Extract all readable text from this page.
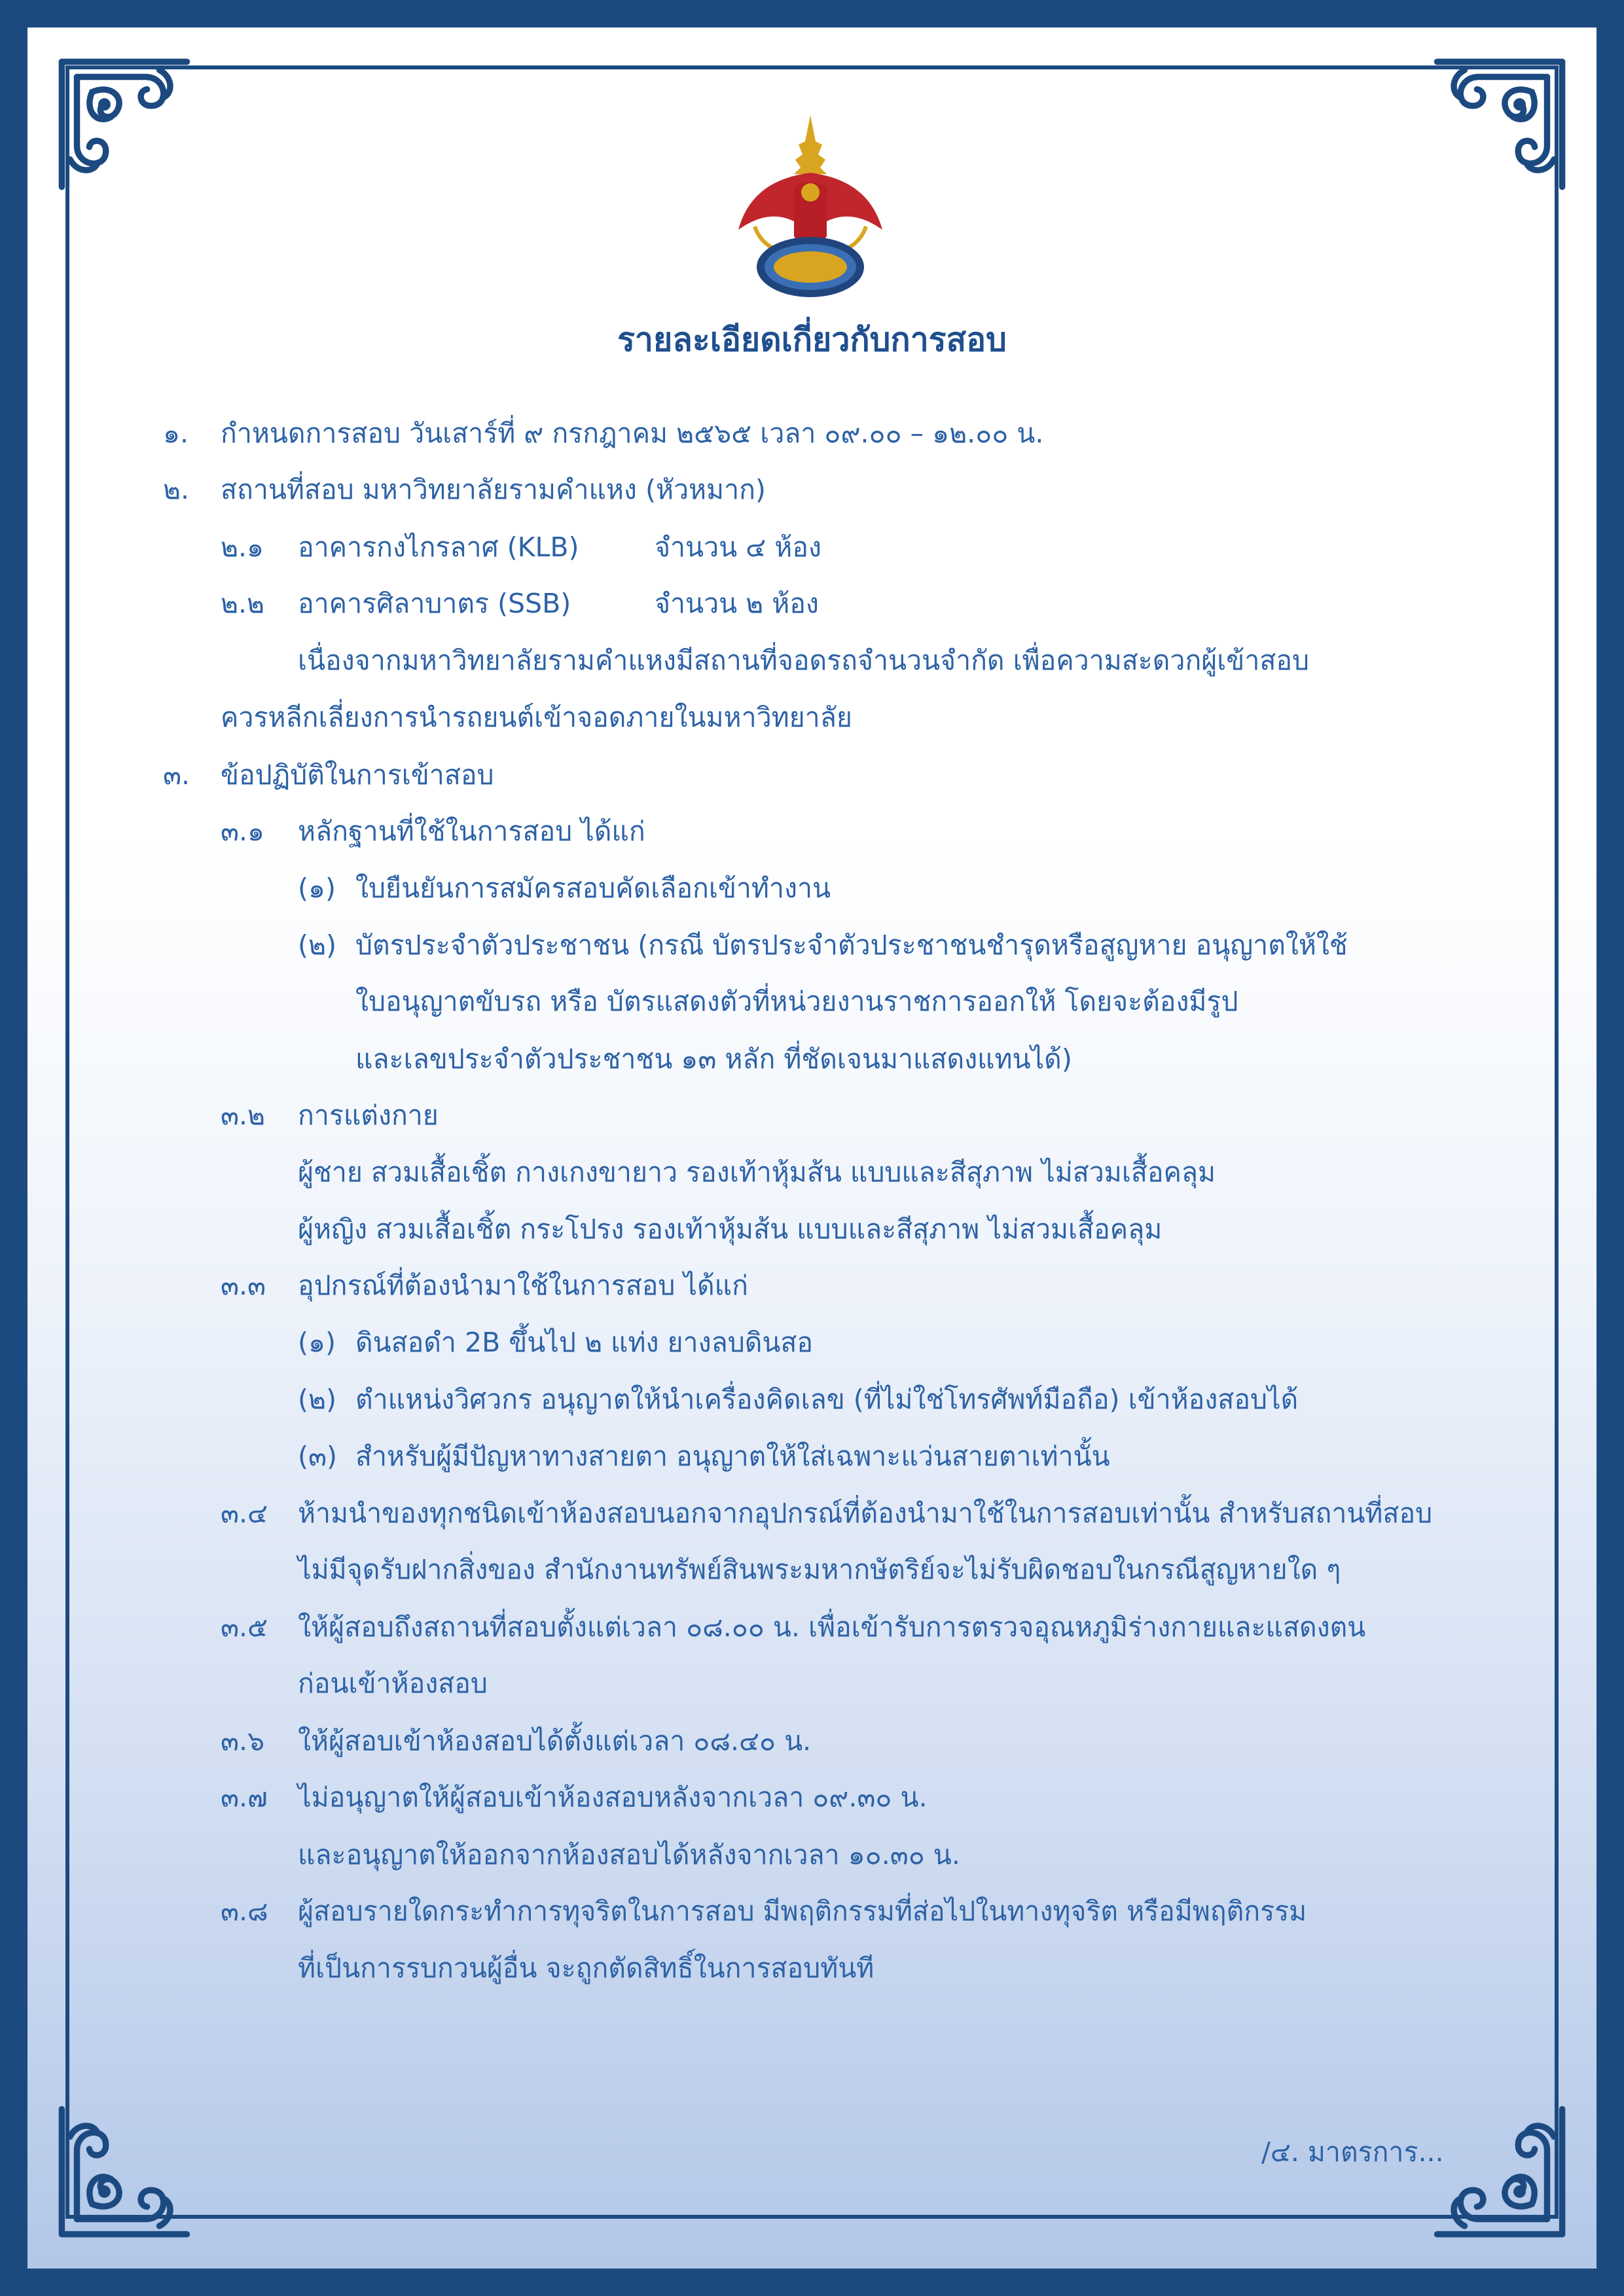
รายละเอียดเกี่ยวกับการสอบ
๑. กำหนดการสอบ วันเสาร์ที่ ๙ กรกฎาคม ๒๕๖๕ เวลา ๐๙.๐๐ – ๑๒.๐๐ น.
๒. สถานที่สอบ มหาวิทยาลัยรามคำแหง (หัวหมาก)
๒.๑ อาคารกงไกรลาศ (KLB)	จำนวน ๔ ห้อง
๒.๒ อาคารศิลาบาตร (SSB)	จำนวน ๒ ห้อง
เนื่องจากมหาวิทยาลัยรามคำแหงมีสถานที่จอดรถจำนวนจำกัด เพื่อความสะดวกผู้เข้าสอบ
ควรหลีกเลี่ยงการนำรถยนต์เข้าจอดภายในมหาวิทยาลัย
๓. ข้อปฏิบัติในการเข้าสอบ
๓.๑ หลักฐานที่ใช้ในการสอบ ได้แก่
(๑) ใบยืนยันการสมัครสอบคัดเลือกเข้าทำงาน
(๒) บัตรประจำตัวประชาชน (กรณี บัตรประจำตัวประชาชนชำรุดหรือสูญหาย อนุญาตให้ใช้
ใบอนุญาตขับรถ หรือ บัตรแสดงตัวที่หน่วยงานราชการออกให้ โดยจะต้องมีรูป
และเลขประจำตัวประชาชน ๑๓ หลัก ที่ชัดเจนมาแสดงแทนได้)
๓.๒ การแต่งกาย
ผู้ชาย สวมเสื้อเชิ้ต กางเกงขายาว รองเท้าหุ้มส้น แบบและสีสุภาพ ไม่สวมเสื้อคลุม
ผู้หญิง สวมเสื้อเชิ้ต กระโปรง รองเท้าหุ้มส้น แบบและสีสุภาพ ไม่สวมเสื้อคลุม
๓.๓ อุปกรณ์ที่ต้องนำมาใช้ในการสอบ ได้แก่
(๑) ดินสอดำ 2B ขึ้นไป ๒ แท่ง ยางลบดินสอ
(๒) ตำแหน่งวิศวกร อนุญาตให้นำเครื่องคิดเลข (ที่ไม่ใช่โทรศัพท์มือถือ) เข้าห้องสอบได้
(๓) สำหรับผู้มีปัญหาทางสายตา อนุญาตให้ใส่เฉพาะแว่นสายตาเท่านั้น
๓.๔ ห้ามนำของทุกชนิดเข้าห้องสอบนอกจากอุปกรณ์ที่ต้องนำมาใช้ในการสอบเท่านั้น สำหรับสถานที่สอบ
ไม่มีจุดรับฝากสิ่งของ สำนักงานทรัพย์สินพระมหากษัตริย์จะไม่รับผิดชอบในกรณีสูญหายใด ๆ
๓.๕ ให้ผู้สอบถึงสถานที่สอบตั้งแต่เวลา ๐๘.๐๐ น. เพื่อเข้ารับการตรวจอุณหภูมิร่างกายและแสดงตน
ก่อนเข้าห้องสอบ
๓.๖ ให้ผู้สอบเข้าห้องสอบได้ตั้งแต่เวลา ๐๘.๔๐ น.
๓.๗ ไม่อนุญาตให้ผู้สอบเข้าห้องสอบหลังจากเวลา ๐๙.๓๐ น.
และอนุญาตให้ออกจากห้องสอบได้หลังจากเวลา ๑๐.๓๐ น.
๓.๘ ผู้สอบรายใดกระทำการทุจริตในการสอบ มีพฤติกรรมที่ส่อไปในทางทุจริต หรือมีพฤติกรรม
ที่เป็นการรบกวนผู้อื่น จะถูกตัดสิทธิ์ในการสอบทันที
/๔. มาตรการ...
